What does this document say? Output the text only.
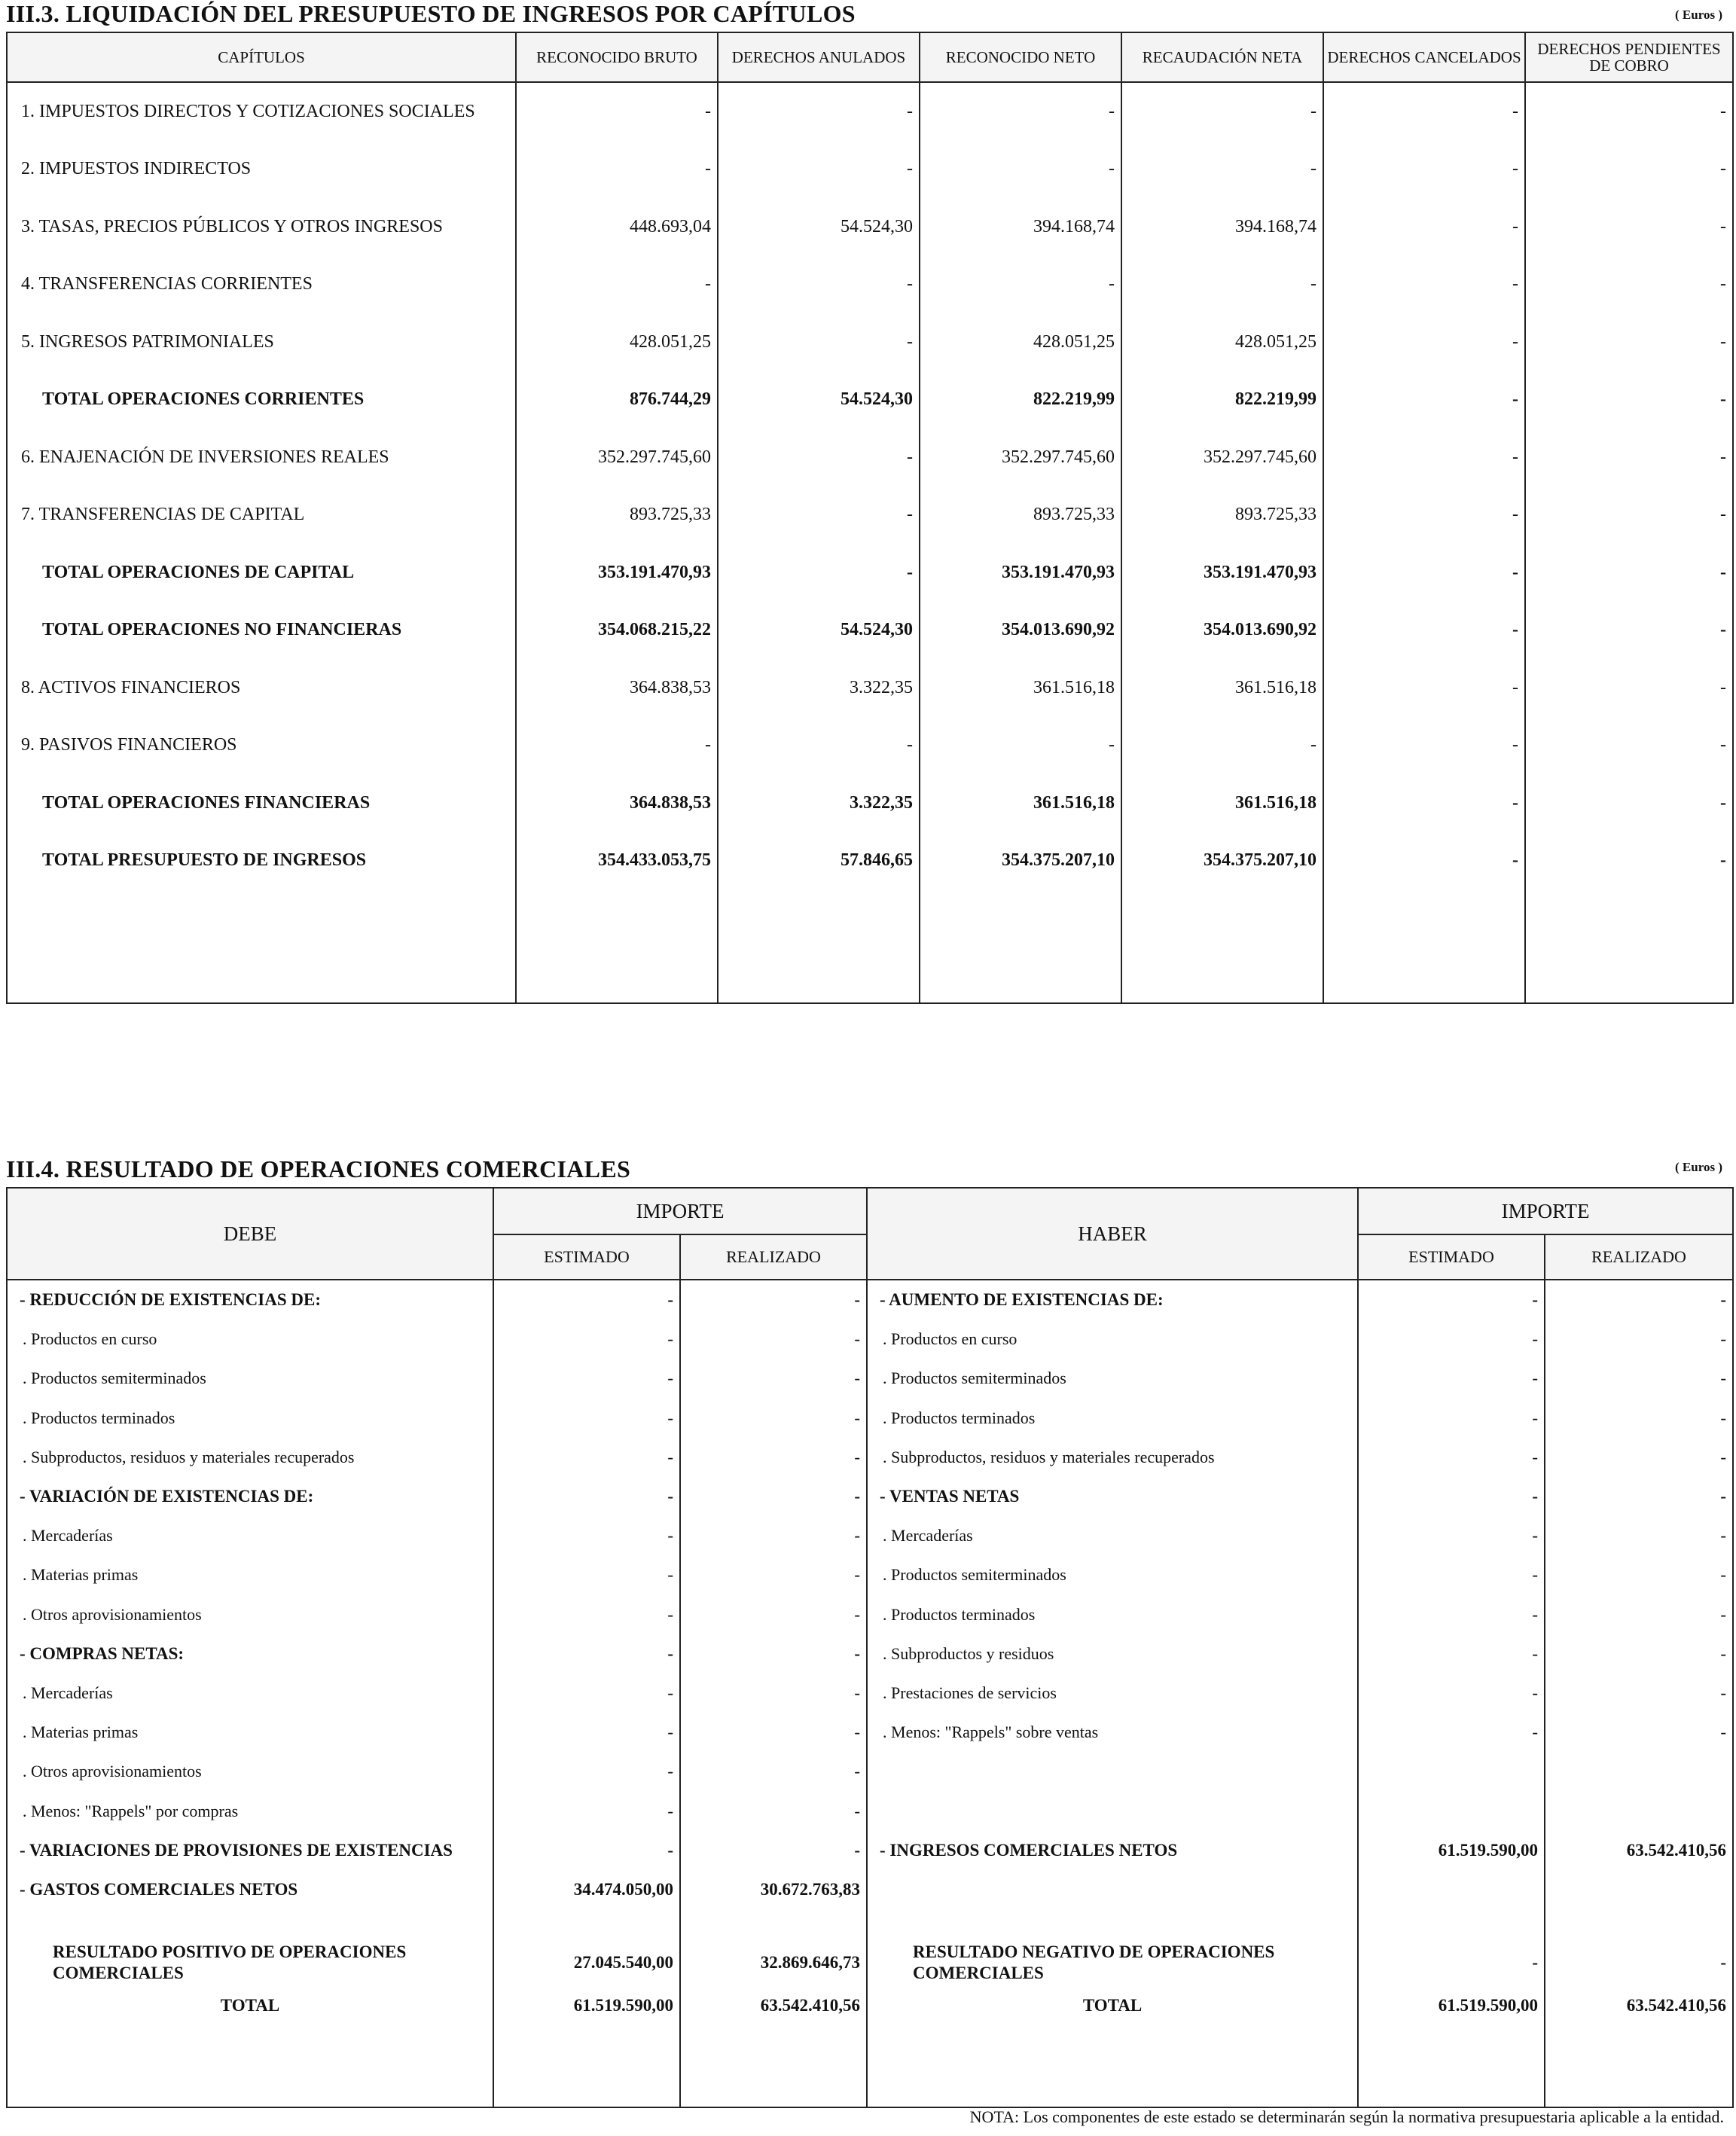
III.3. LIQUIDACIÓN DEL PRESUPUESTO DE INGRESOS POR CAPÍTULOS	( Euros )
CAPÍTULOS	RECONOCIDO BRUTO	DERECHOS ANULADOS	RECONOCIDO NETO	RECAUDACIÓN NETA	DERECHOS CANCELADOS	DERECHOS PENDIENTES DE COBRO
1. IMPUESTOS DIRECTOS Y COTIZACIONES SOCIALES	-	-	-	-	-	-
2. IMPUESTOS INDIRECTOS	-	-	-	-	-	-
3. TASAS, PRECIOS PÚBLICOS Y OTROS INGRESOS	448.693,04	54.524,30	394.168,74	394.168,74	-	-
4. TRANSFERENCIAS CORRIENTES	-	-	-	-	-	-
5. INGRESOS PATRIMONIALES	428.051,25	-	428.051,25	428.051,25	-	-
TOTAL OPERACIONES CORRIENTES	876.744,29	54.524,30	822.219,99	822.219,99	-	-
6. ENAJENACIÓN DE INVERSIONES REALES	352.297.745,60	-	352.297.745,60	352.297.745,60	-	-
7. TRANSFERENCIAS DE CAPITAL	893.725,33	-	893.725,33	893.725,33	-	-
TOTAL OPERACIONES DE CAPITAL	353.191.470,93	-	353.191.470,93	353.191.470,93	-	-
TOTAL OPERACIONES NO FINANCIERAS	354.068.215,22	54.524,30	354.013.690,92	354.013.690,92	-	-
8. ACTIVOS FINANCIEROS	364.838,53	3.322,35	361.516,18	361.516,18	-	-
9. PASIVOS FINANCIEROS	-	-	-	-	-	-
TOTAL OPERACIONES FINANCIERAS	364.838,53	3.322,35	361.516,18	361.516,18	-	-
TOTAL PRESUPUESTO DE INGRESOS	354.433.053,75	57.846,65	354.375.207,10	354.375.207,10	-	-

III.4. RESULTADO DE OPERACIONES COMERCIALES	( Euros )
DEBE	IMPORTE		HABER	IMPORTE	
	ESTIMADO	REALIZADO		ESTIMADO	REALIZADO
- REDUCCIÓN DE EXISTENCIAS DE:	-	-	- AUMENTO DE EXISTENCIAS DE:	-	-
. Productos en curso	-	-	. Productos en curso	-	-
. Productos semiterminados	-	-	. Productos semiterminados	-	-
. Productos terminados	-	-	. Productos terminados	-	-
. Subproductos, residuos y materiales recuperados	-	-	. Subproductos, residuos y materiales recuperados	-	-
- VARIACIÓN DE EXISTENCIAS DE:	-	-	- VENTAS NETAS	-	-
. Mercaderías	-	-	. Mercaderías	-	-
. Materias primas	-	-	. Productos semiterminados	-	-
. Otros aprovisionamientos	-	-	. Productos terminados	-	-
- COMPRAS NETAS:	-	-	. Subproductos y residuos	-	-
. Mercaderías	-	-	. Prestaciones de servicios	-	-
. Materias primas	-	-	. Menos: "Rappels" sobre ventas	-	-
. Otros aprovisionamientos	-	-			
. Menos: "Rappels" por compras	-	-			
- VARIACIONES DE PROVISIONES DE EXISTENCIAS	-	-	- INGRESOS COMERCIALES NETOS	61.519.590,00	63.542.410,56
- GASTOS COMERCIALES NETOS	34.474.050,00	30.672.763,83			

RESULTADO POSITIVO DE OPERACIONES COMERCIALES	27.045.540,00	32.869.646,73	RESULTADO NEGATIVO DE OPERACIONES COMERCIALES	-	-
TOTAL	61.519.590,00	63.542.410,56	TOTAL	61.519.590,00	63.542.410,56

NOTA: Los componentes de este estado se determinarán según la normativa presupuestaria aplicable a la entidad.
